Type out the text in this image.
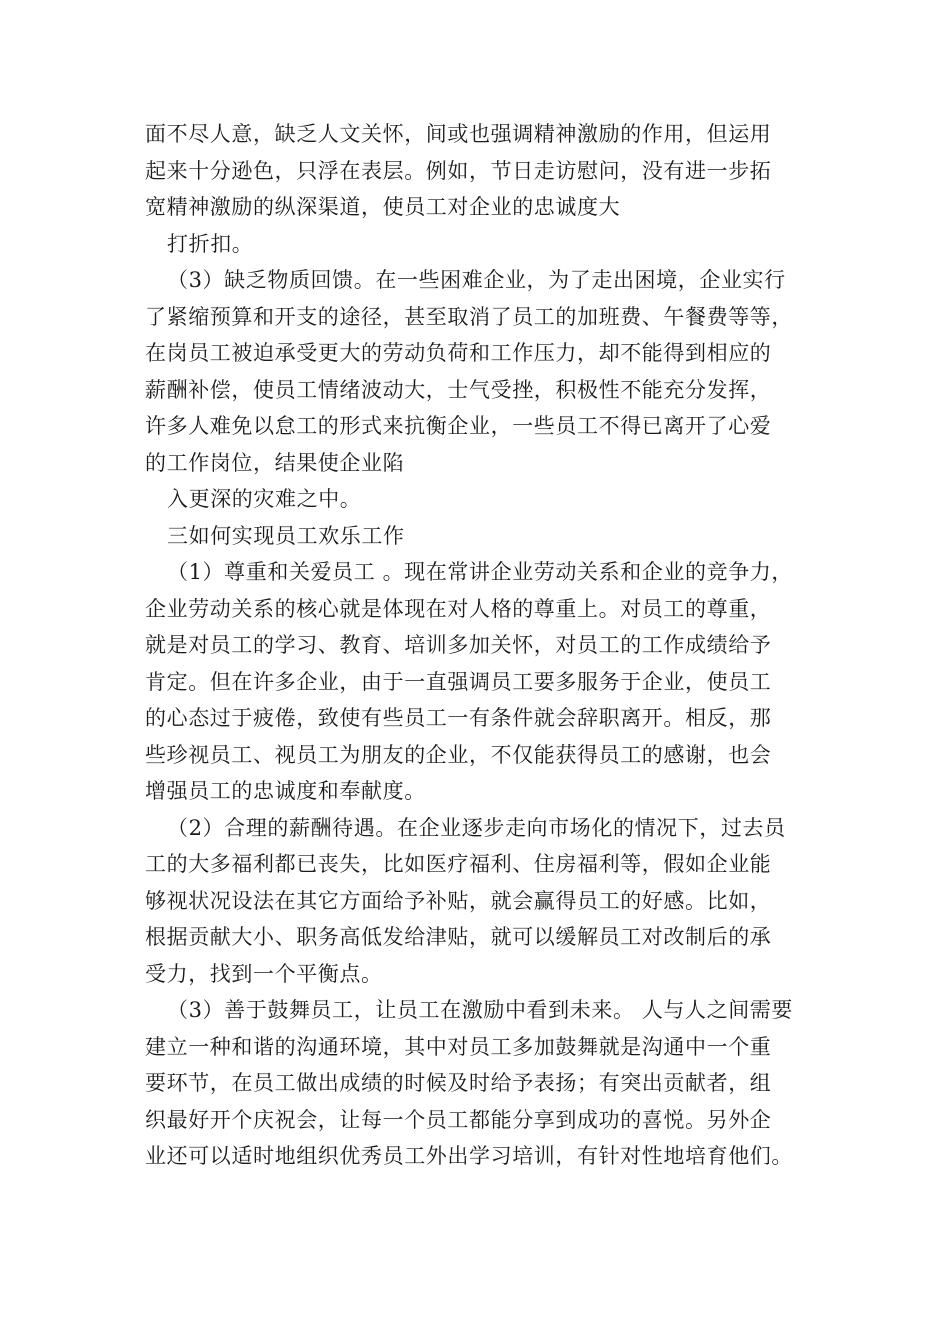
面不尽人意，缺乏人文关怀，间或也强调精神激励的作用，但运用
起来十分逊色，只浮在表层。例如，节日走访慰问，没有进一步拓
宽精神激励的纵深渠道，使员工对企业的忠诚度大
打折扣。
（3）缺乏物质回馈。在一些困难企业，为了走出困境，企业实行
了紧缩预算和开支的途径，甚至取消了员工的加班费、午餐费等等，
在岗员工被迫承受更大的劳动负荷和工作压力，却不能得到相应的
薪酬补偿，使员工情绪波动大，士气受挫，积极性不能充分发挥，
许多人难免以怠工的形式来抗衡企业，一些员工不得已离开了心爱
的工作岗位，结果使企业陷
入更深的灾难之中。
三如何实现员工欢乐工作
（1）尊重和关爱员工 。现在常讲企业劳动关系和企业的竞争力，
企业劳动关系的核心就是体现在对人格的尊重上。对员工的尊重，
就是对员工的学习、教育、培训多加关怀，对员工的工作成绩给予
肯定。但在许多企业，由于一直强调员工要多服务于企业，使员工
的心态过于疲倦，致使有些员工一有条件就会辞职离开。相反，那
些珍视员工、视员工为朋友的企业，不仅能获得员工的感谢，也会
增强员工的忠诚度和奉献度。
（2）合理的薪酬待遇。在企业逐步走向市场化的情况下，过去员
工的大多福利都已丧失，比如医疗福利、住房福利等，假如企业能
够视状况设法在其它方面给予补贴，就会赢得员工的好感。比如，
根据贡献大小、职务高低发给津贴，就可以缓解员工对改制后的承
受力，找到一个平衡点。
（3）善于鼓舞员工，让员工在激励中看到未来。 人与人之间需要
建立一种和谐的沟通环境，其中对员工多加鼓舞就是沟通中一个重
要环节，在员工做出成绩的时候及时给予表扬；有突出贡献者，组
织最好开个庆祝会，让每一个员工都能分享到成功的喜悦。另外企
业还可以适时地组织优秀员工外出学习培训，有针对性地培育他们。
